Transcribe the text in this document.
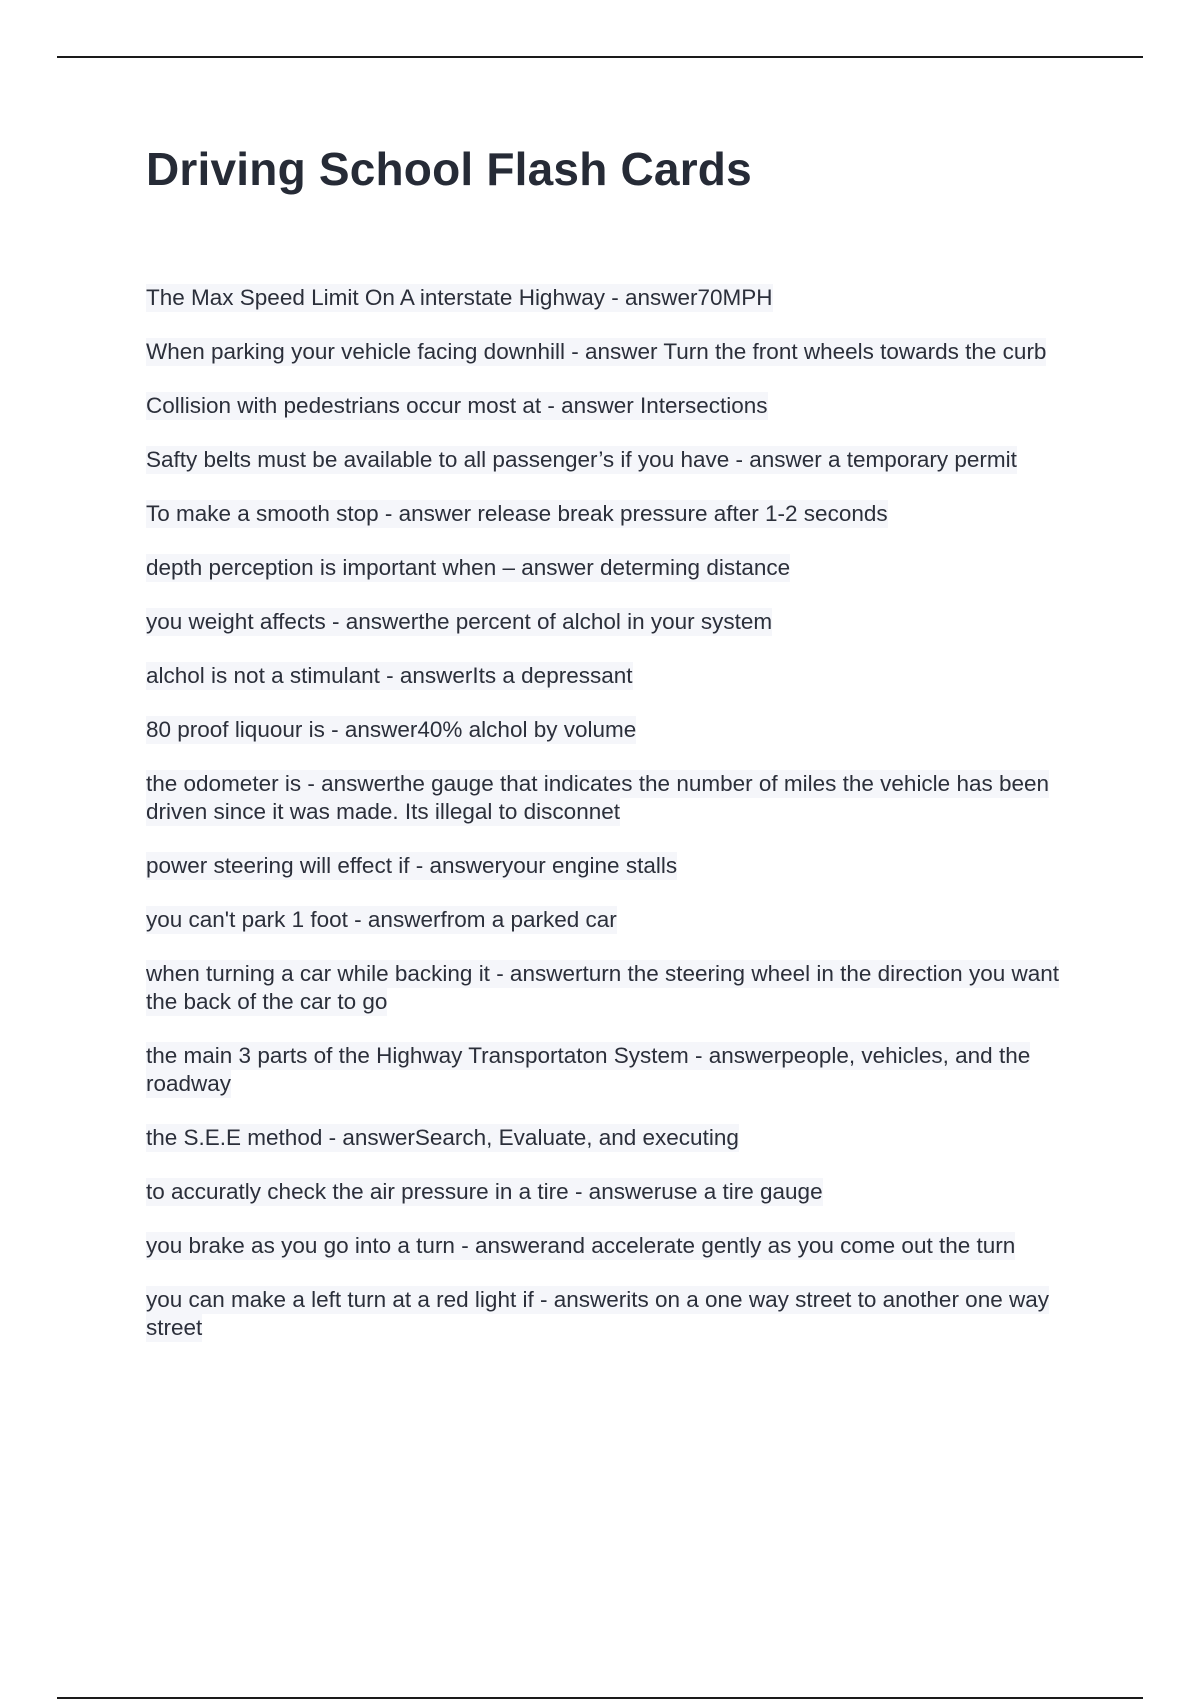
Driving School Flash Cards
The Max Speed Limit On A interstate Highway - answer70MPH
When parking your vehicle facing downhill - answer Turn the front wheels towards the curb
Collision with pedestrians occur most at - answer Intersections
Safty belts must be available to all passenger’s if you have - answer a temporary permit
To make a smooth stop - answer release break pressure after 1-2 seconds
depth perception is important when – answer determing distance
you weight affects - answerthe percent of alchol in your system
alchol is not a stimulant - answerIts a depressant
80 proof liquour is - answer40% alchol by volume
the odometer is - answerthe gauge that indicates the number of miles the vehicle has been driven since it was made. Its illegal to disconnet
power steering will effect if - answeryour engine stalls
you can't park 1 foot - answerfrom a parked car
when turning a car while backing it - answerturn the steering wheel in the direction you want the back of the car to go
the main 3 parts of the Highway Transportaton System - answerpeople, vehicles, and the roadway
the S.E.E method - answerSearch, Evaluate, and executing
to accuratly check the air pressure in a tire - answeruse a tire gauge
you brake as you go into a turn - answerand accelerate gently as you come out the turn
you can make a left turn at a red light if - answerits on a one way street to another one way street
